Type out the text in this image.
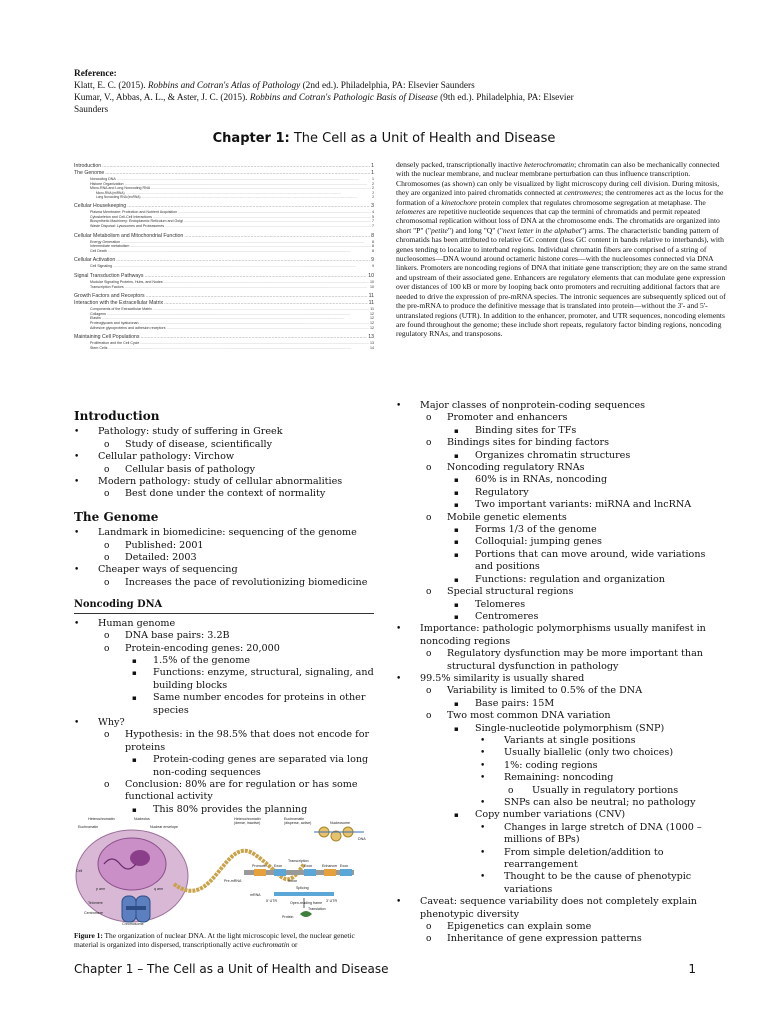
Reference:
Klatt, E. C. (2015). Robbins and Cotran's Atlas of Pathology (2nd ed.). Philadelphia, PA: Elsevier Saunders
Kumar, V., Abbas, A. L., & Aster, J. C. (2015). Robbins and Cotran's Pathologic Basis of Disease (9th ed.). Philadelphia, PA: Elsevier
Saunders
Chapter 1: The Cell as a Unit of Health and Disease
Introduction .....	1
The Genome .....	1
Noncoding DNA .....	1
Histone Organization .....	2
Micro-RNA and Long Noncoding RNA .....	2
Micro-RNA (miRNA) .....	2
Long Noncoding RNA (lncRNA) .....	2
Cellular Housekeeping .....	3
Plasma Membrane: Protection and Nutrient Acquisition .....	4
Cytoskeleton and Cell-Cell Interactions .....	5
Biosynthetic Machinery: Endoplasmic Reticulum and Golgi .....	7
Waste Disposal: Lysosomes and Proteasomes .....	7
Cellular Metabolism and Mitochondrial Function .....	8
Energy Generation .....	8
Intermediate metabolism .....	8
Cell Death .....	8
Cellular Activation .....	9
Cell Signaling .....	9
Signal Transduction Pathways .....	10
Modular Signaling Proteins, Hubs, and Nodes .....	10
Transcription Factors .....	10
Growth Factors and Receptors .....	11
Interaction with the Extracellular Matrix .....	11
Components of the Extracellular Matrix .....	11
Collagens .....	12
Elastin .....	12
Proteoglycans and hyaluronan .....	12
Adhesive glycoproteins and adhesion receptors .....	12
Maintaining Cell Populations .....	13
Proliferation and the Cell Cycle .....	13
Stem Cells .....	14
densely packed, transcriptionally inactive heterochromatin; chromatin can also be mechanically connected with the nuclear membrane, and nuclear membrane perturbation can thus influence transcription. Chromosomes (as shown) can only be visualized by light microscopy during cell division. During mitosis, they are organized into paired chromatids connected at centromeres; the centromeres act as the locus for the formation of a kinetochore protein complex that regulates chromosome segregation at metaphase. The telomeres are repetitive nucleotide sequences that cap the termini of chromatids and permit repeated chromosomal replication without loss of DNA at the chromosome ends. The chromatids are organized into short "P" ("petite") and long "Q" ("next letter in the alphabet") arms. The characteristic banding pattern of chromatids has been attributed to relative GC content (less GC content in bands relative to interbands), with genes tending to localize to interband regions. Individual chromatin fibers are comprised of a string of nucleosomes—DNA wound around octameric histone cores—with the nucleosomes connected via DNA linkers. Promoters are noncoding regions of DNA that initiate gene transcription; they are on the same strand and upstream of their associated gene. Enhancers are regulatory elements that can modulate gene expression over distances of 100 kB or more by looping back onto promoters and recruiting additional factors that are needed to drive the expression of pre-mRNA species. The intronic sequences are subsequently spliced out of the pre-mRNA to produce the definitive message that is translated into protein—without the 3'- and 5'-untranslated regions (UTR). In addition to the enhancer, promoter, and UTR sequences, noncoding elements are found throughout the genome; these include short repeats, regulatory factor binding regions, noncoding regulatory RNAs, and transposons.
Introduction
• Pathology: study of suffering in Greek
o Study of disease, scientifically
• Cellular pathology: Virchow
o Cellular basis of pathology
• Modern pathology: study of cellular abnormalities
o Best done under the context of normality
The Genome
• Landmark in biomedicine: sequencing of the genome
o Published: 2001
o Detailed: 2003
• Cheaper ways of sequencing
o Increases the pace of revolutionizing biomedicine
Noncoding DNA
• Human genome
o DNA base pairs: 3.2B
o Protein-encoding genes: 20,000
▪ 1.5% of the genome
▪ Functions: enzyme, structural, signaling, and building blocks
▪ Same number encodes for proteins in other species
• Why?
o Hypothesis: in the 98.5% that does not encode for proteins
▪ Protein-coding genes are separated via long non-coding sequences
o Conclusion: 80% are for regulation or has some functional activity
▪ This 80% provides the planning
• Major classes of nonprotein-coding sequences
o Promoter and enhancers
▪ Binding sites for TFs
o Bindings sites for binding factors
▪ Organizes chromatin structures
o Noncoding regulatory RNAs
▪ 60% is in RNAs, noncoding
▪ Regulatory
▪ Two important variants: miRNA and lncRNA
o Mobile genetic elements
▪ Forms 1/3 of the genome
▪ Colloquial: jumping genes
▪ Portions that can move around, wide variations and positions
▪ Functions: regulation and organization
o Special structural regions
▪ Telomeres
▪ Centromeres
• Importance: pathologic polymorphisms usually manifest in noncoding regions
o Regulatory dysfunction may be more important than structural dysfunction in pathology
• 99.5% similarity is usually shared
o Variability is limited to 0.5% of the DNA
▪ Base pairs: 15M
o Two most common DNA variation
▪ Single-nucleotide polymorphism (SNP)
• Variants at single positions
• Usually biallelic (only two choices)
• 1%: coding regions
• Remaining: noncoding
o Usually in regulatory portions
• SNPs can also be neutral; no pathology
▪ Copy number variations (CNV)
• Changes in large stretch of DNA (1000 – millions of BPs)
• From simple deletion/addition to rearrangement
• Thought to be the cause of phenotypic variations
• Caveat: sequence variability does not completely explain phenotypic diversity
o Epigenetics can explain some
o Inheritance of gene expression patterns
Heterochromatin	Nucleolus
Euchromatin	Nuclear envelope
Cell
p arm	q arm
Telomere
Centromere
Chromosome
Heterochromatin
(dense, inactive)
Euchromatin
(disperse, active)	Nucleosome
DNA
Transcription
Pre-mRNA
Promoter Exon
Intron
Exon	Enhancer Exon
Splicing
mRNA
5' UTR	3' UTR
Open-reading frame
Translation
Protein
Figure 1: The organization of nuclear DNA. At the light microscopic level, the nuclear genetic material is organized into dispersed, transcriptionally active euchromatin or
Chapter 1 – The Cell as a Unit of Health and Disease	1
